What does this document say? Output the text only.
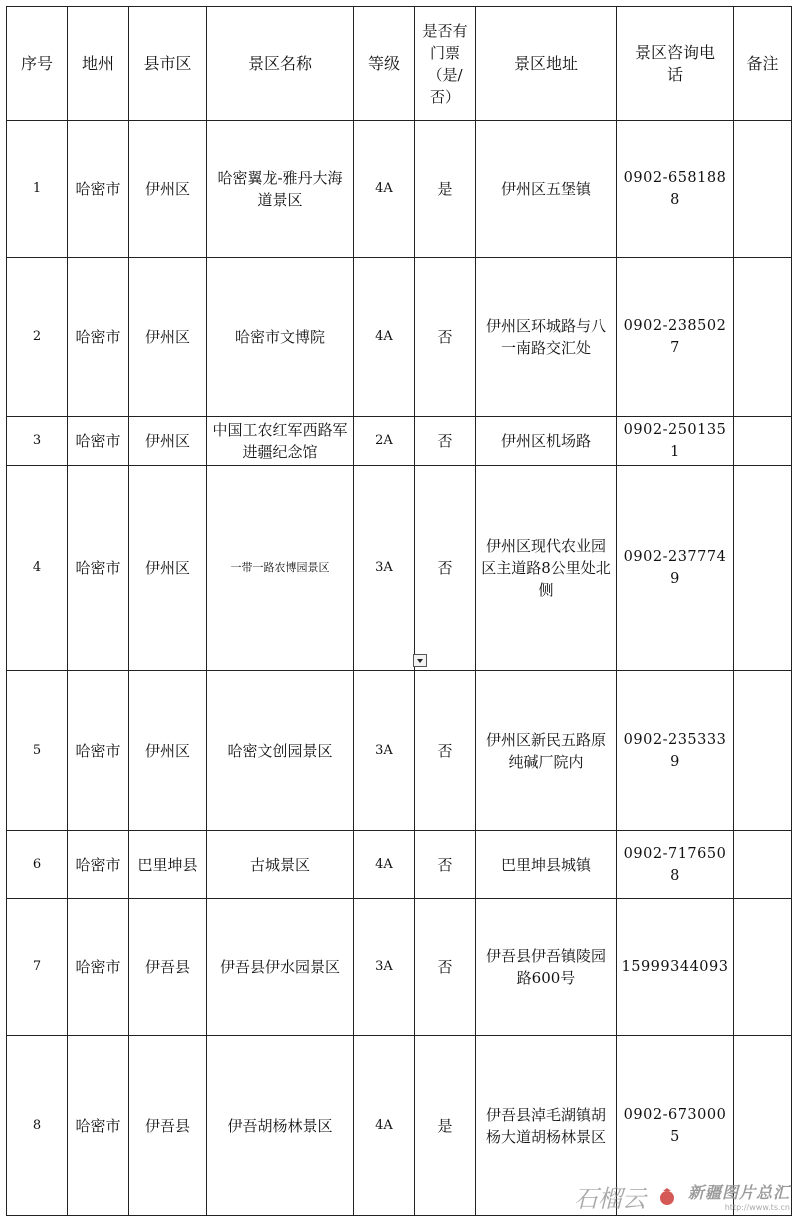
序号	地州	县市区	景区名称	等级	是否有门票（是/否）	景区地址	景区咨询电话	备注
1	哈密市	伊州区	哈密翼龙-雅丹大海道景区	4A	是	伊州区五堡镇	0902-6581888	
2	哈密市	伊州区	哈密市文博院	4A	否	伊州区环城路与八一南路交汇处	0902-2385027	
3	哈密市	伊州区	中国工农红军西路军进疆纪念馆	2A	否	伊州区机场路	0902-2501351	
4	哈密市	伊州区	一带一路农博园景区	3A	否	伊州区现代农业园区主道路8公里处北侧	0902-2377749	
5	哈密市	伊州区	哈密文创园景区	3A	否	伊州区新民五路原纯碱厂院内	0902-2353339	
6	哈密市	巴里坤县	古城景区	4A	否	巴里坤县城镇	0902-7176508	
7	哈密市	伊吾县	伊吾县伊水园景区	3A	否	伊吾县伊吾镇陵园路600号	15999344093	
8	哈密市	伊吾县	伊吾胡杨林景区	4A	是	伊吾县淖毛湖镇胡杨大道胡杨林景区	0902-6730005	
石榴云	新疆图片总汇
http://www.ts.cn
